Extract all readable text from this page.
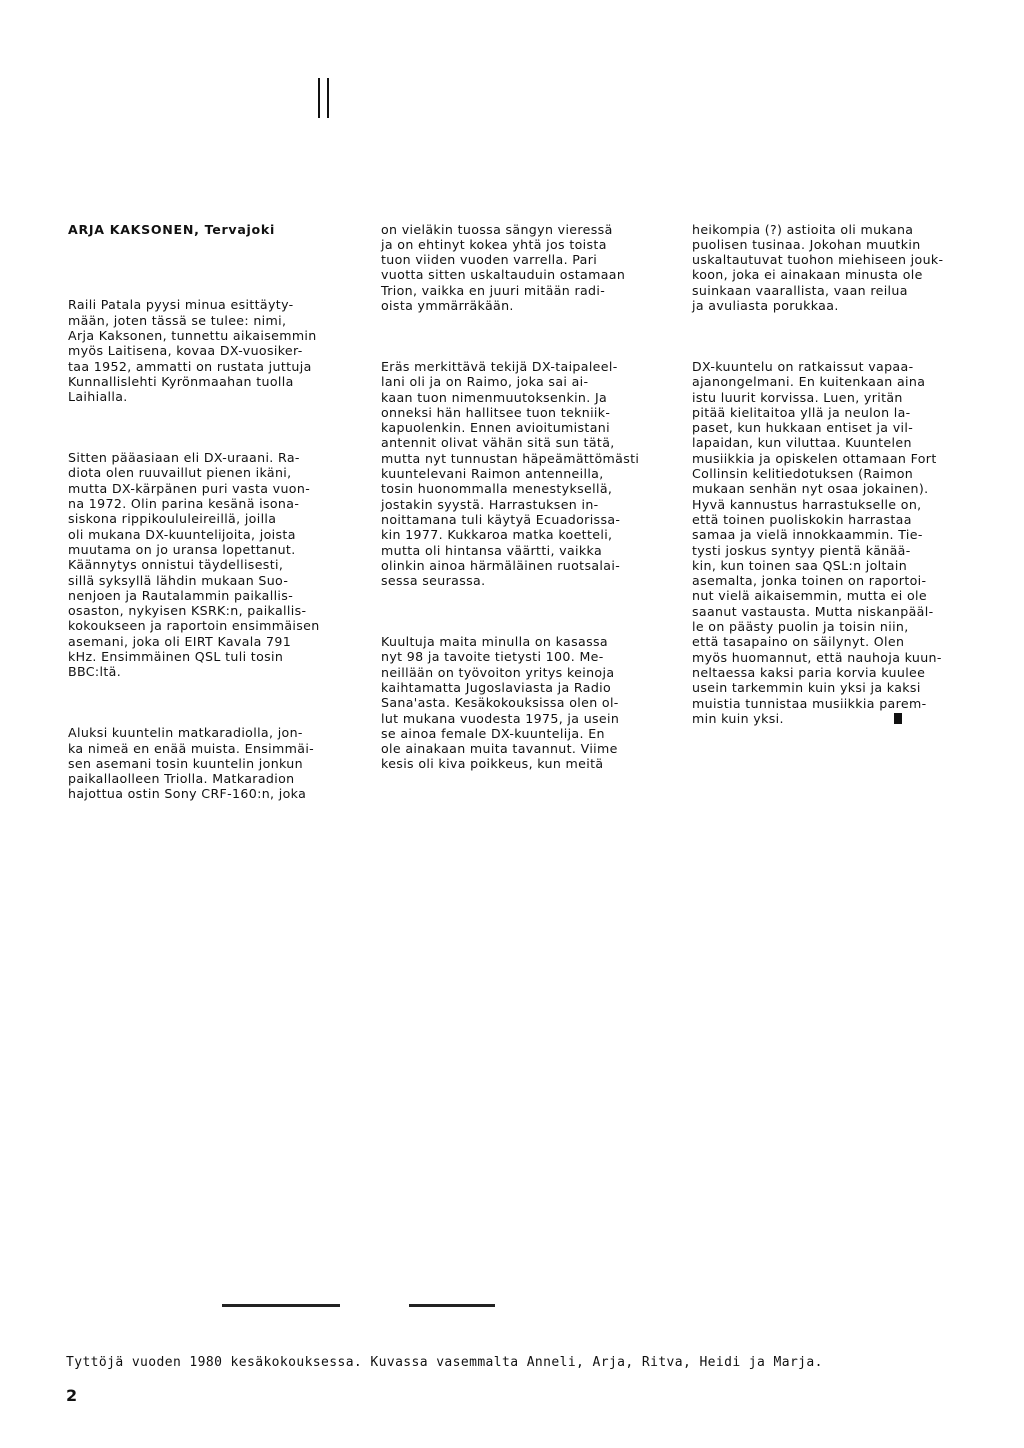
ARJA KAKSONEN, Tervajoki

Raili Patala pyysi minua esittäyty-
mään, joten tässä se tulee: nimi,
Arja Kaksonen, tunnettu aikaisemmin
myös Laitisena, kovaa DX-vuosiker-
taa 1952, ammatti on rustata juttuja
Kunnallislehti Kyrönmaahan tuolla
Laihialla.

Sitten pääasiaan eli DX-uraani. Ra-
diota olen ruuvaillut pienen ikäni,
mutta DX-kärpänen puri vasta vuon-
na 1972. Olin parina kesänä isona-
siskona rippikoululeireillä, joilla
oli mukana DX-kuuntelijoita, joista
muutama on jo uransa lopettanut.
Käännytys onnistui täydellisesti,
sillä syksyllä lähdin mukaan Suo-
nenjoen ja Rautalammin paikallis-
osaston, nykyisen KSRK:n, paikallis-
kokoukseen ja raportoin ensimmäisen
asemani, joka oli EIRT Kavala 791
kHz. Ensimmäinen QSL tuli tosin
BBC:ltä.

Aluksi kuuntelin matkaradiolla, jon-
ka nimeä en enää muista. Ensimmäi-
sen asemani tosin kuuntelin jonkun
paikallaolleen Triolla. Matkaradion
hajottua ostin Sony CRF-160:n, joka

on vieläkin tuossa sängyn vieressä
ja on ehtinyt kokea yhtä jos toista
tuon viiden vuoden varrella. Pari
vuotta sitten uskaltauduin ostamaan
Trion, vaikka en juuri mitään radi-
oista ymmärräkään.

Eräs merkittävä tekijä DX-taipaleel-
lani oli ja on Raimo, joka sai ai-
kaan tuon nimenmuutoksenkin. Ja
onneksi hän hallitsee tuon tekniik-
kapuolenkin. Ennen avioitumistani
antennit olivat vähän sitä sun tätä,
mutta nyt tunnustan häpeämättömästi
kuuntelevani Raimon antenneilla,
tosin huonommalla menestyksellä,
jostakin syystä. Harrastuksen in-
noittamana tuli käytyä Ecuadorissa-
kin 1977. Kukkaroa matka koetteli,
mutta oli hintansa väärtti, vaikka
olinkin ainoa härmäläinen ruotsalai-
sessa seurassa.

Kuultuja maita minulla on kasassa
nyt 98 ja tavoite tietysti 100. Me-
neillään on työvoiton yritys keinoja
kaihtamatta Jugoslaviasta ja Radio
Sana'asta. Kesäkokouksissa olen ol-
lut mukana vuodesta 1975, ja usein
se ainoa female DX-kuuntelija. En
ole ainakaan muita tavannut. Viime
kesis oli kiva poikkeus, kun meitä

heikompia (?) astioita oli mukana
puolisen tusinaa. Jokohan muutkin
uskaltautuvat tuohon miehiseen jouk-
koon, joka ei ainakaan minusta ole
suinkaan vaarallista, vaan reilua
ja avuliasta porukkaa.

DX-kuuntelu on ratkaissut vapaa-
ajanongelmani. En kuitenkaan aina
istu luurit korvissa. Luen, yritän
pitää kielitaitoa yllä ja neulon la-
paset, kun hukkaan entiset ja vil-
lapaidan, kun viluttaa. Kuuntelen
musiikkia ja opiskelen ottamaan Fort
Collinsin kelitiedotuksen (Raimon
mukaan senhän nyt osaa jokainen).
Hyvä kannustus harrastukselle on,
että toinen puoliskokin harrastaa
samaa ja vielä innokkaammin. Tie-
tysti joskus syntyy pientä känää-
kin, kun toinen saa QSL:n joltain
asemalta, jonka toinen on raportoi-
nut vielä aikaisemmin, mutta ei ole
saanut vastausta. Mutta niskanpääl-
le on päästy puolin ja toisin niin,
että tasapaino on säilynyt. Olen
myös huomannut, että nauhoja kuun-
neltaessa kaksi paria korvia kuulee
usein tarkemmin kuin yksi ja kaksi
muistia tunnistaa musiikkia parem-
min kuin yksi.

Tyttöjä vuoden 1980 kesäkokouksessa. Kuvassa vasemmalta Anneli, Arja, Ritva, Heidi ja Marja.
2
